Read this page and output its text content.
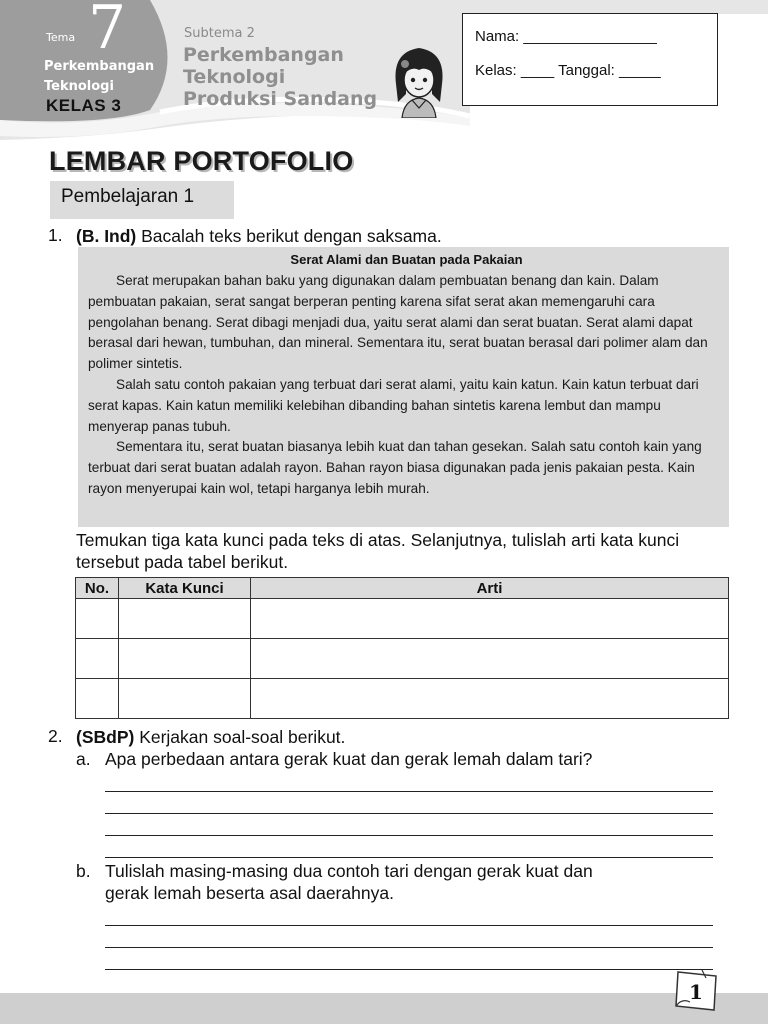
Tema 7
Perkembangan Teknologi
KELAS 3
Subtema 2
Perkembangan Teknologi Produksi Sandang
Nama: ________________
Kelas: ____ Tanggal: _____
LEMBAR PORTOFOLIO
Pembelajaran 1
1. (B. Ind) Bacalah teks berikut dengan saksama.
Serat Alami dan Buatan pada Pakaian

Serat merupakan bahan baku yang digunakan dalam pembuatan benang dan kain. Dalam pembuatan pakaian, serat sangat berperan penting karena sifat serat akan memengaruhi cara pengolahan benang. Serat dibagi menjadi dua, yaitu serat alami dan serat buatan. Serat alami dapat berasal dari hewan, tumbuhan, dan mineral. Sementara itu, serat buatan berasal dari polimer alam dan polimer sintetis.

Salah satu contoh pakaian yang terbuat dari serat alami, yaitu kain katun. Kain katun terbuat dari serat kapas. Kain katun memiliki kelebihan dibanding bahan sintetis karena lembut dan mampu menyerap panas tubuh.

Sementara itu, serat buatan biasanya lebih kuat dan tahan gesekan. Salah satu contoh kain yang terbuat dari serat buatan adalah rayon. Bahan rayon biasa digunakan pada jenis pakaian pesta. Kain rayon menyerupai kain wol, tetapi harganya lebih murah.

Temukan tiga kata kunci pada teks di atas. Selanjutnya, tulislah arti kata kunci tersebut pada tabel berikut.
No.	Kata Kunci	Arti

2. (SBdP) Kerjakan soal-soal berikut.
a. Apa perbedaan antara gerak kuat dan gerak lemah dalam tari?
b. Tulislah masing-masing dua contoh tari dengan gerak kuat dan
gerak lemah beserta asal daerahnya.
1
